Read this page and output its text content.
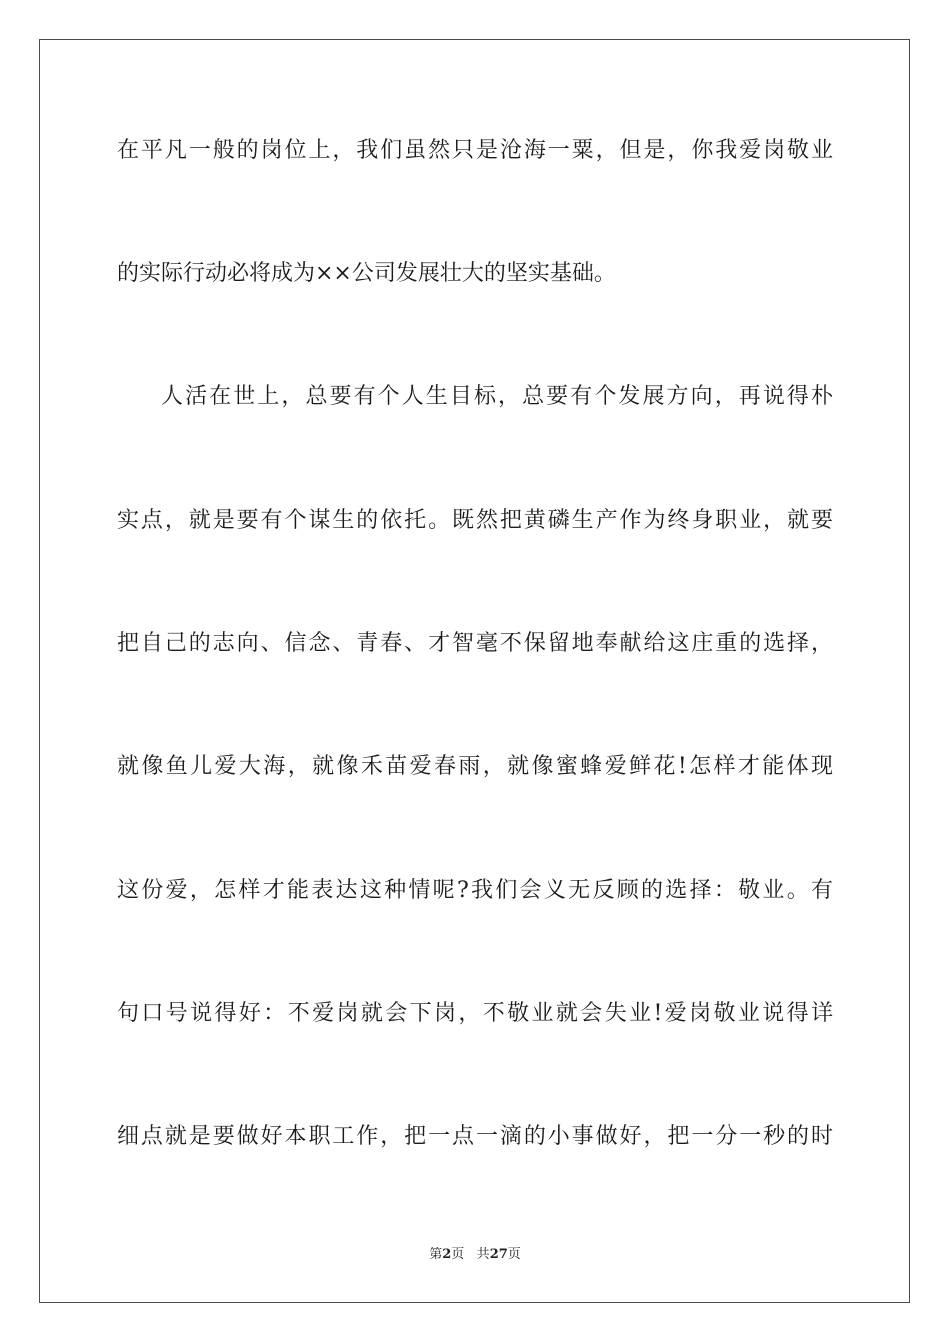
在平凡一般的岗位上，我们虽然只是沧海一粟，但是，你我爱岗敬业
的实际行动必将成为××公司发展壮大的坚实基础。
人活在世上，总要有个人生目标，总要有个发展方向，再说得朴
实点，就是要有个谋生的依托。既然把黄磷生产作为终身职业，就要
把自己的志向、信念、青春、才智毫不保留地奉献给这庄重的选择，
就像鱼儿爱大海，就像禾苗爱春雨，就像蜜蜂爱鲜花!怎样才能体现
这份爱，怎样才能表达这种情呢?我们会义无反顾的选择：敬业。有
句口号说得好：不爱岗就会下岗，不敬业就会失业!爱岗敬业说得详
细点就是要做好本职工作，把一点一滴的小事做好，把一分一秒的时
第2页 共27页
